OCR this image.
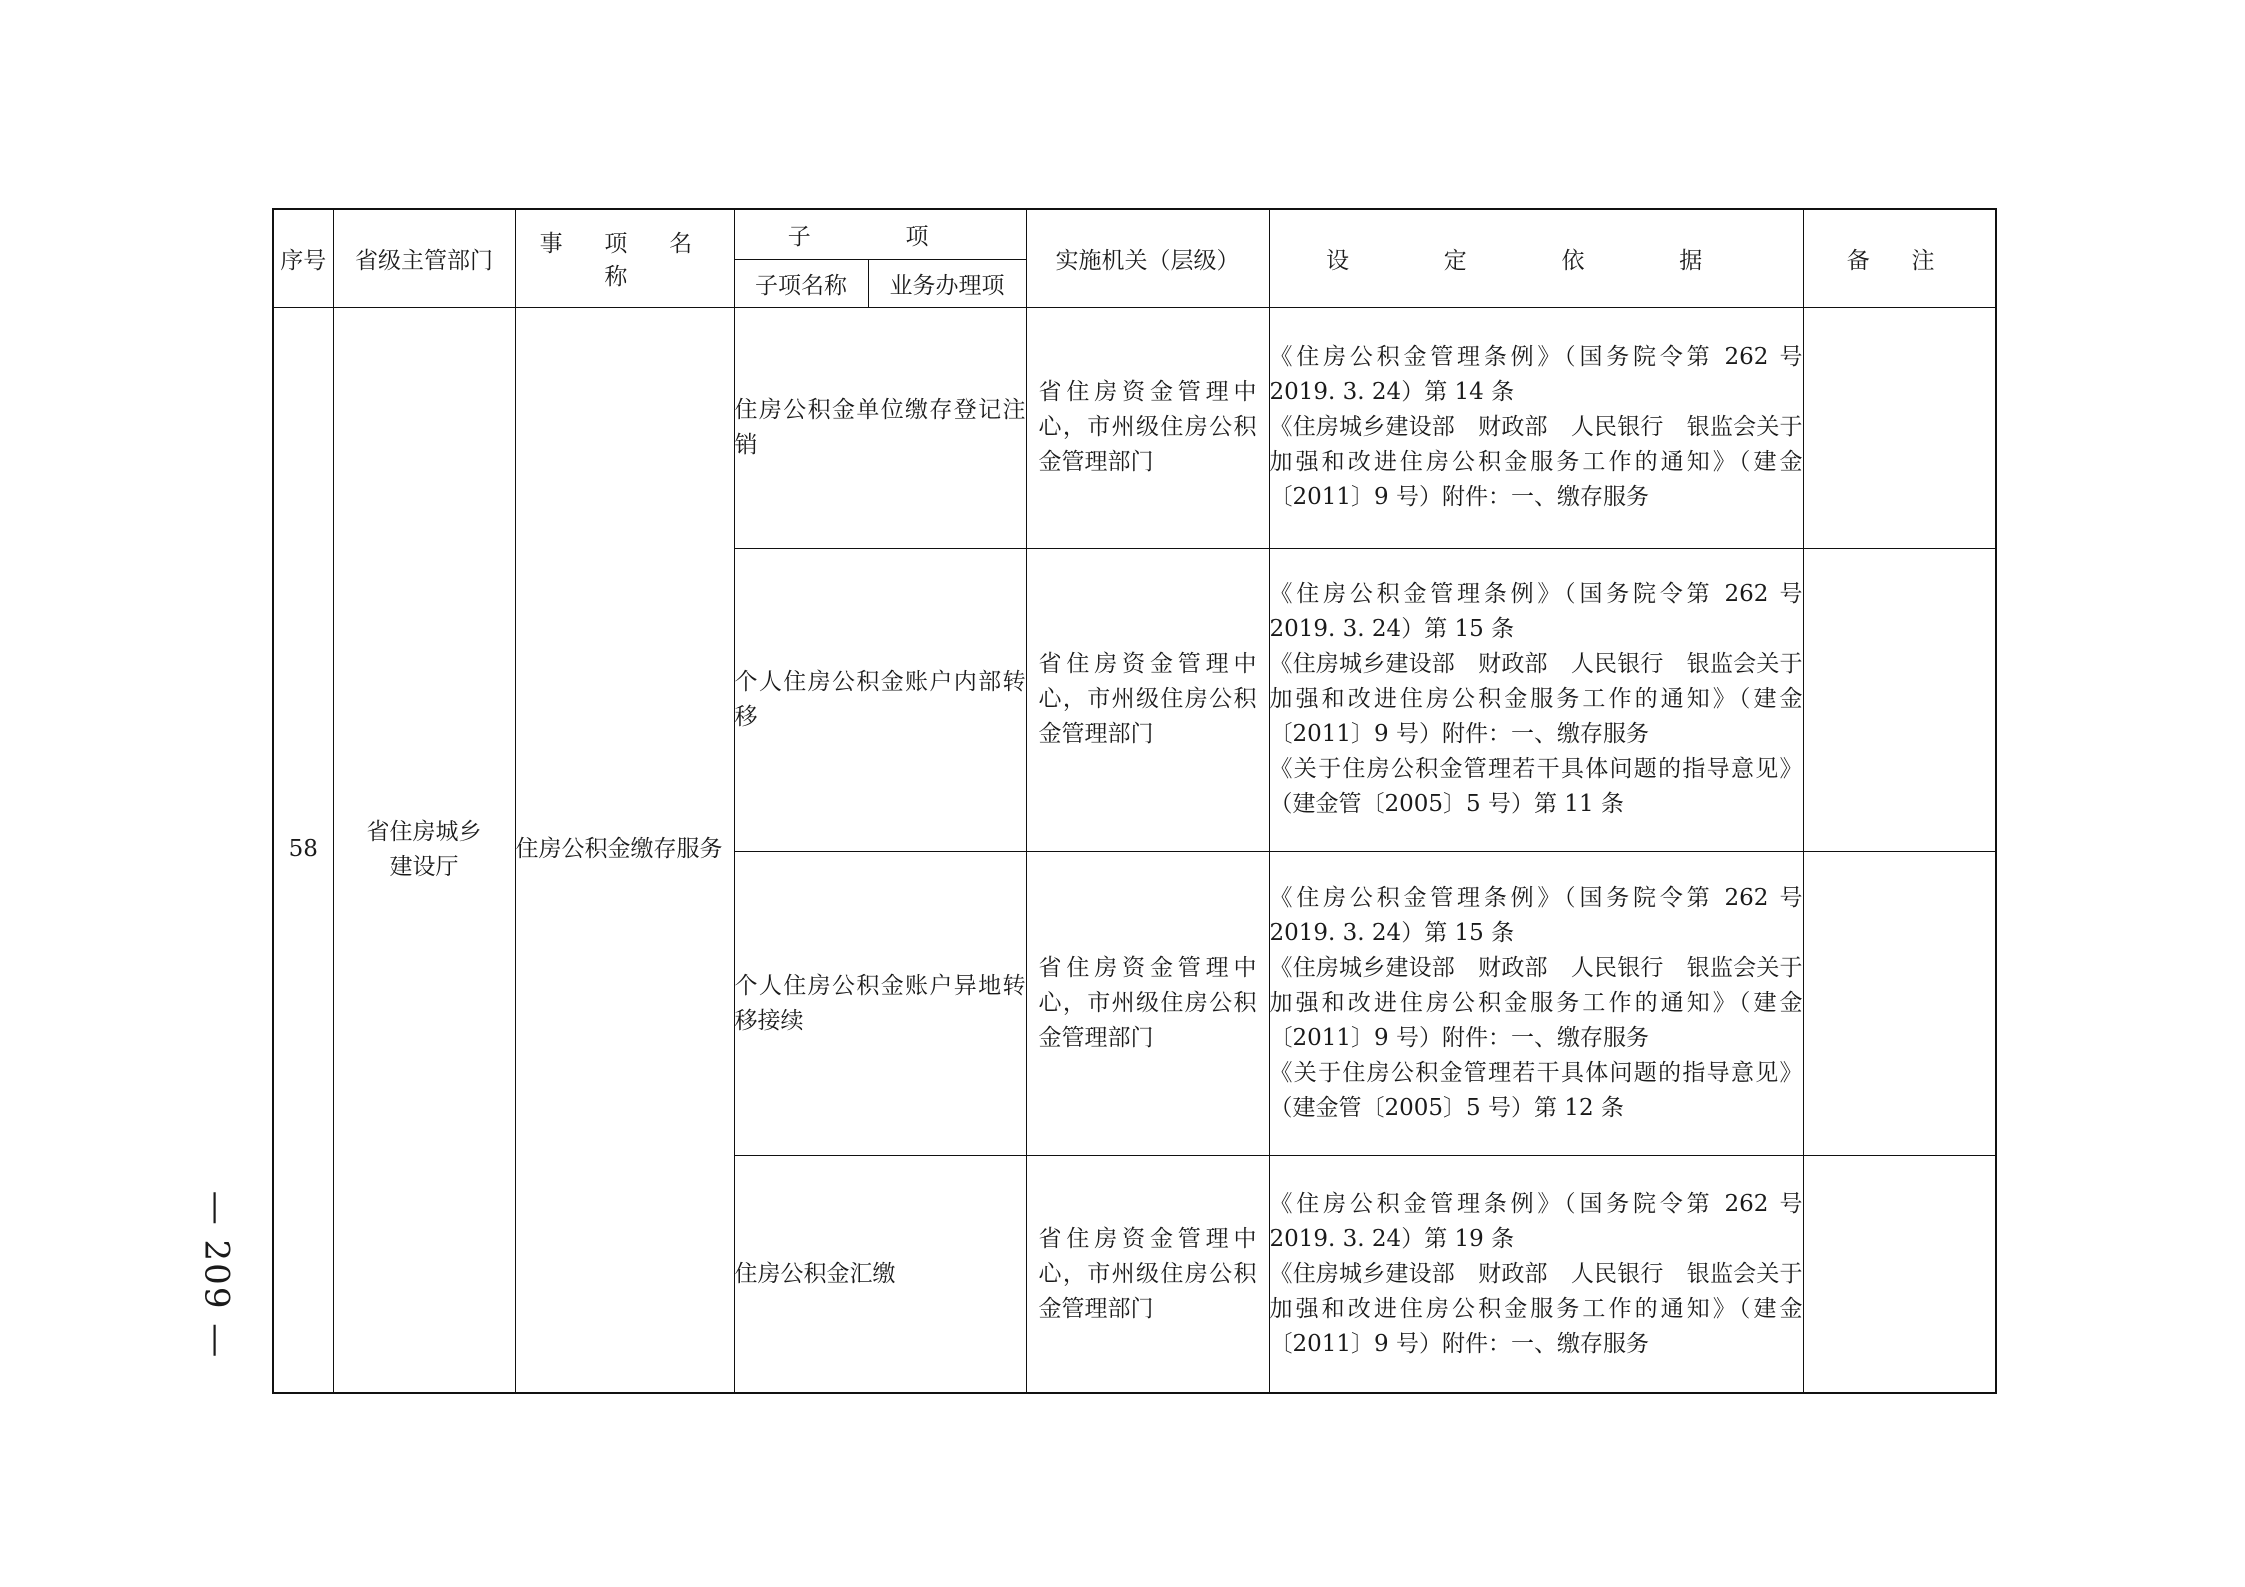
序号	省级主管部门	事 项 名 称	子 项		实施机关（层级）	设 定 依 据	备 注
			子项名称	业务办理项			
58	省住房城乡建设厅	住房公积金缴存服务	住房公积金单位缴存登记注销		省住房资金管理中心，市州级住房公积金管理部门	《住房公积金管理条例》（国务院令第 262 号 2019. 3. 24）第 14 条
《住房城乡建设部　财政部　人民银行　银监会关于加强和改进住房公积金服务工作的通知》（建金〔2011〕9 号）附件：一、缴存服务	

			个人住房公积金账户内部转移		省住房资金管理中心，市州级住房公积金管理部门	《住房公积金管理条例》（国务院令第 262 号 2019. 3. 24）第 15 条
《住房城乡建设部　财政部　人民银行　银监会关于加强和改进住房公积金服务工作的通知》（建金〔2011〕9 号）附件：一、缴存服务
《关于住房公积金管理若干具体问题的指导意见》（建金管〔2005〕5 号）第 11 条	

			个人住房公积金账户异地转移接续		省住房资金管理中心，市州级住房公积金管理部门	《住房公积金管理条例》（国务院令第 262 号 2019. 3. 24）第 15 条
《住房城乡建设部　财政部　人民银行　银监会关于加强和改进住房公积金服务工作的通知》（建金〔2011〕9 号）附件：一、缴存服务
《关于住房公积金管理若干具体问题的指导意见》（建金管〔2005〕5 号）第 12 条	

			住房公积金汇缴		省住房资金管理中心，市州级住房公积金管理部门	《住房公积金管理条例》（国务院令第 262 号 2019. 3. 24）第 19 条
《住房城乡建设部　财政部　人民银行　银监会关于加强和改进住房公积金服务工作的通知》（建金〔2011〕9 号）附件：一、缴存服务	

— 209 —
